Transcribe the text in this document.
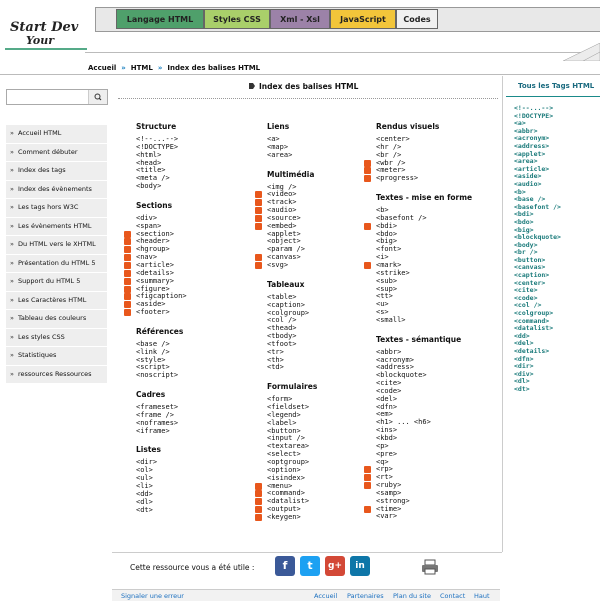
Start Dev
Your
Langage HTML	Styles CSS	Xml - Xsl	JavaScript	Codes
Accueil » HTML » Index des balises HTML
» Accueil HTML
» Comment débuter
» Index des tags
» Index des évènements
» Les tags hors W3C
» Les évènements HTML
» Du HTML vers le XHTML
» Présentation du HTML 5
» Support du HTML 5
» Les Caractères HTML
» Tableau des couleurs
» Les styles CSS
» Statistiques
» ressources Ressources
Index des balises HTML
Structure
<!--...-->
<!DOCTYPE>
<html>
<head>
<title>
<meta />
<body>
Sections
<div>
<span>
<section>
<header>
<hgroup>
<nav>
<article>
<details>
<summary>
<figure>
<figcaption>
<aside>
<footer>
Références
<base />
<link />
<style>
<script>
<noscript>
Cadres
<frameset>
<frame />
<noframes>
<iframe>
Listes
<dir>
<ol>
<ul>
<li>
<dd>
<dl>
<dt>
Liens
<a>
<map>
<area>
Multimédia
<img />
<video>
<track>
<audio>
<source>
<embed>
<applet>
<object>
<param />
<canvas>
<svg>
Tableaux
<table>
<caption>
<colgroup>
<col />
<thead>
<tbody>
<tfoot>
<tr>
<th>
<td>
Formulaires
<form>
<fieldset>
<legend>
<label>
<button>
<input />
<textarea>
<select>
<optgroup>
<option>
<isindex>
<menu>
<command>
<datalist>
<output>
<keygen>
Rendus visuels
<center>
<hr />
<br />
<wbr />
<meter>
<progress>
Textes - mise en forme
<b>
<basefont />
<bdi>
<bdo>
<big>
<font>
<i>
<mark>
<strike>
<sub>
<sup>
<tt>
<u>
<s>
<small>
Textes - sémantique
<abbr>
<acronym>
<address>
<blockquote>
<cite>
<code>
<del>
<dfn>
<em>
<h1> ... <h6>
<ins>
<kbd>
<p>
<pre>
<q>
<rp>
<rt>
<ruby>
<samp>
<strong>
<time>
<var>
Cette ressource vous a été utile :	f	t	g+	in
Signaler une erreur	Accueil Partenaires Plan du site Contact Haut
Tous les Tags HTML
<!--...-->
<!DOCTYPE>
<a>
<abbr>
<acronym>
<address>
<applet>
<area>
<article>
<aside>
<audio>
<b>
<base />
<basefont />
<bdi>
<bdo>
<big>
<blockquote>
<body>
<br />
<button>
<canvas>
<caption>
<center>
<cite>
<code>
<col />
<colgroup>
<command>
<datalist>
<dd>
<del>
<details>
<dfn>
<dir>
<div>
<dl>
<dt>
